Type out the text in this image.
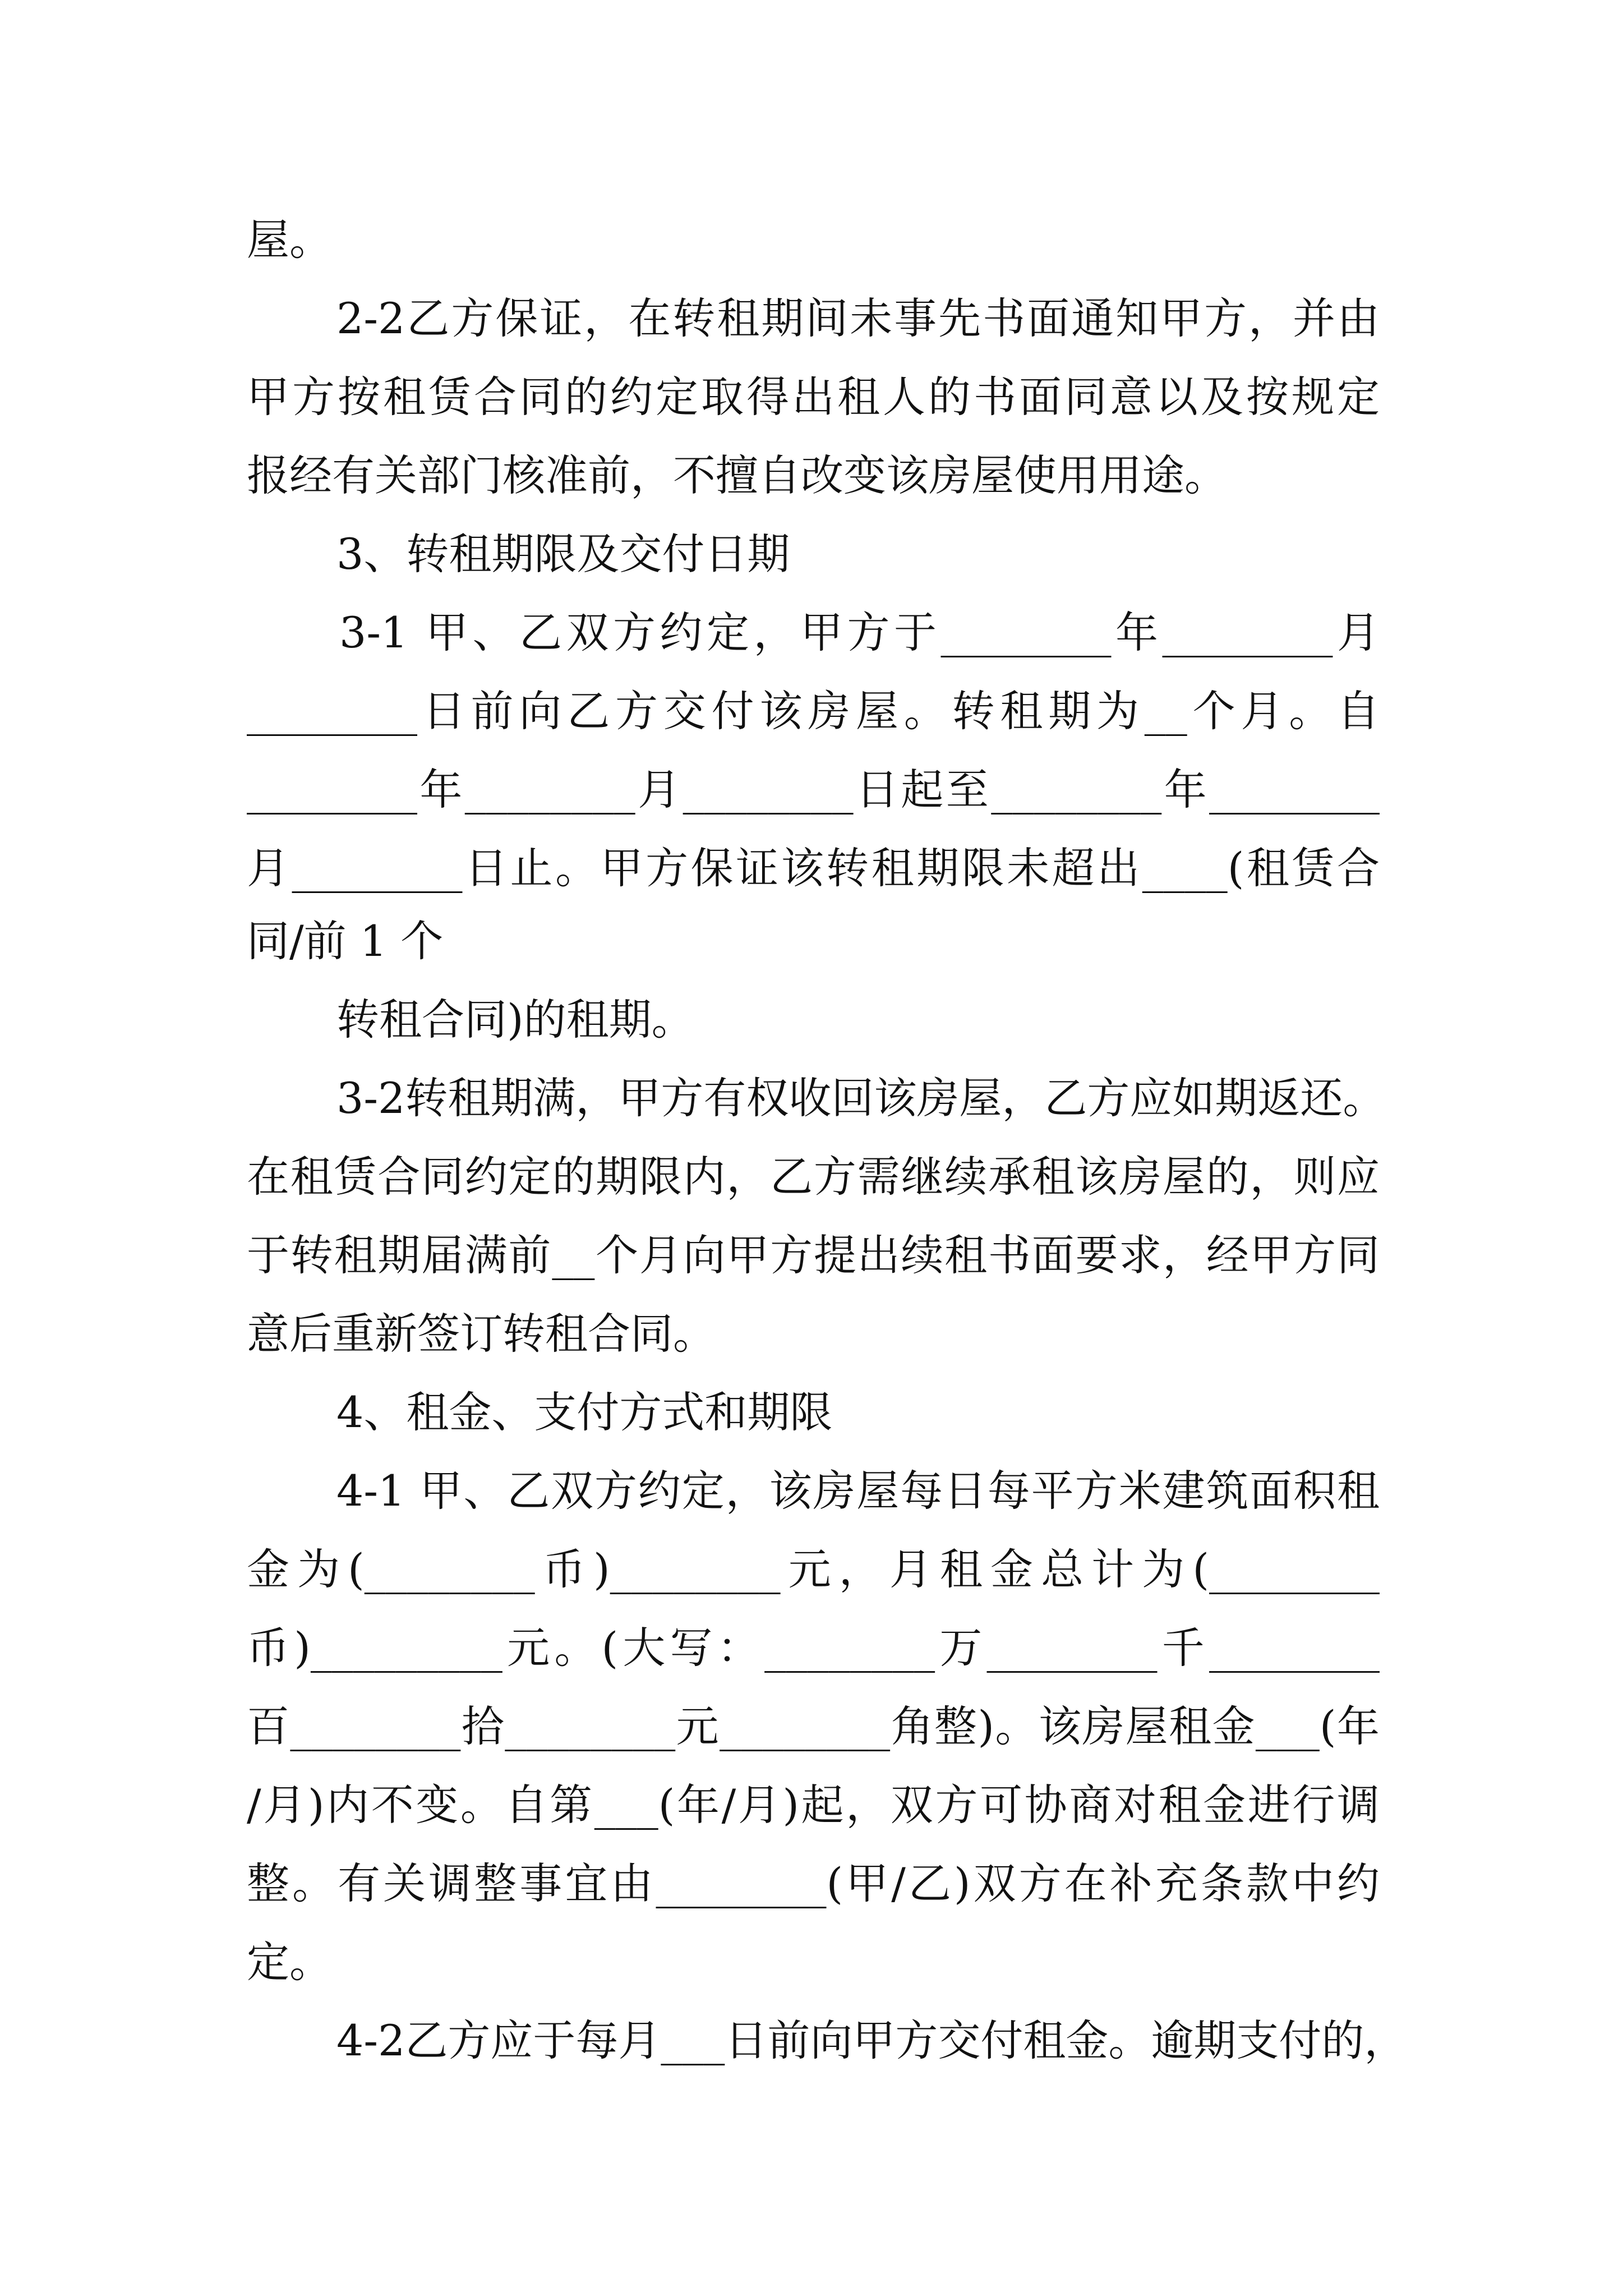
屋。
2-2乙方保证，在转租期间未事先书面通知甲方，并由
甲方按租赁合同的约定取得出租人的书面同意以及按规定
报经有关部门核准前，不擅自改变该房屋使用用途。
3、转租期限及交付日期
3-1 甲、乙双方约定，甲方于________年________月
________日前向乙方交付该房屋。转租期为__个月。自
________年________月________日起至________年________
月________日止。甲方保证该转租期限未超出____(租赁合
同/前 1 个
转租合同)的租期。
3-2转租期满，甲方有权收回该房屋，乙方应如期返还。
在租赁合同约定的期限内，乙方需继续承租该房屋的，则应
于转租期届满前__个月向甲方提出续租书面要求，经甲方同
意后重新签订转租合同。
4、租金、支付方式和期限
4-1 甲、乙双方约定，该房屋每日每平方米建筑面积租
金为(________币)________元，月租金总计为(________
币)_________元。(大写：________万________千________
百________拾________元________角整)。该房屋租金___(年
/月)内不变。自第___(年/月)起，双方可协商对租金进行调
整。有关调整事宜由________(甲/乙)双方在补充条款中约
定。
4-2乙方应于每月___日前向甲方交付租金。逾期支付的，
